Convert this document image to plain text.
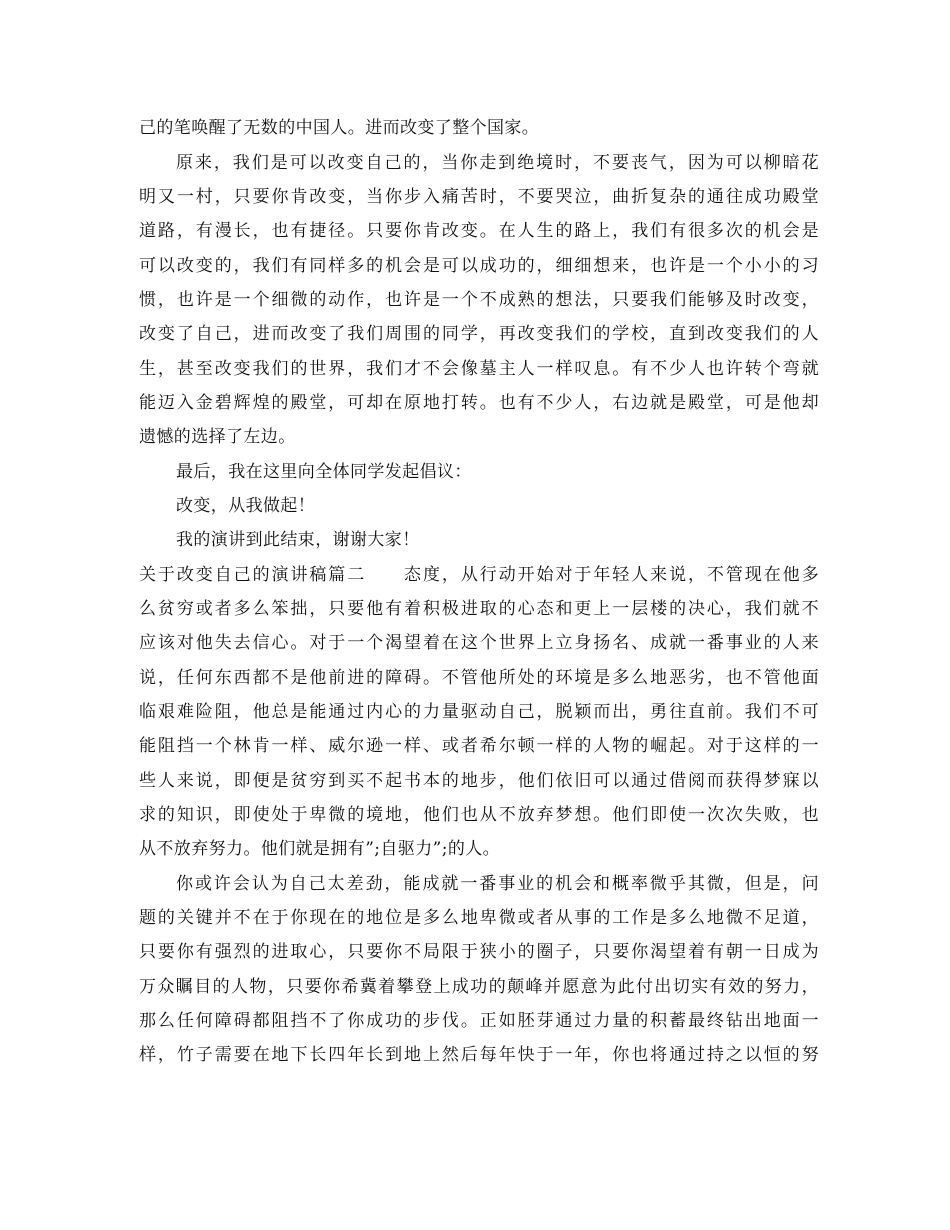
己的笔唤醒了无数的中国人。进而改变了整个国家。
原来，我们是可以改变自己的，当你走到绝境时，不要丧气，因为可以柳暗花
明又一村，只要你肯改变，当你步入痛苦时，不要哭泣，曲折复杂的通往成功殿堂
道路，有漫长，也有捷径。只要你肯改变。在人生的路上，我们有很多次的机会是
可以改变的，我们有同样多的机会是可以成功的，细细想来，也许是一个小小的习
惯，也许是一个细微的动作，也许是一个不成熟的想法，只要我们能够及时改变，
改变了自己，进而改变了我们周围的同学，再改变我们的学校，直到改变我们的人
生，甚至改变我们的世界，我们才不会像墓主人一样叹息。有不少人也许转个弯就
能迈入金碧辉煌的殿堂，可却在原地打转。也有不少人，右边就是殿堂，可是他却
遗憾的选择了左边。
最后，我在这里向全体同学发起倡议：
改变，从我做起！
我的演讲到此结束，谢谢大家！
关于改变自己的演讲稿篇二　　态度，从行动开始对于年轻人来说，不管现在他多
么贫穷或者多么笨拙，只要他有着积极进取的心态和更上一层楼的决心，我们就不
应该对他失去信心。对于一个渴望着在这个世界上立身扬名、成就一番事业的人来
说，任何东西都不是他前进的障碍。不管他所处的环境是多么地恶劣，也不管他面
临艰难险阻，他总是能通过内心的力量驱动自己，脱颖而出，勇往直前。我们不可
能阻挡一个林肯一样、威尔逊一样、或者希尔顿一样的人物的崛起。对于这样的一
些人来说，即便是贫穷到买不起书本的地步，他们依旧可以通过借阅而获得梦寐以
求的知识，即使处于卑微的境地，他们也从不放弃梦想。他们即使一次次失败，也
从不放弃努力。他们就是拥有”;自驱力”;的人。
你或许会认为自己太差劲，能成就一番事业的机会和概率微乎其微，但是，问
题的关键并不在于你现在的地位是多么地卑微或者从事的工作是多么地微不足道，
只要你有强烈的进取心，只要你不局限于狭小的圈子，只要你渴望着有朝一日成为
万众瞩目的人物，只要你希冀着攀登上成功的颠峰并愿意为此付出切实有效的努力，
那么任何障碍都阻挡不了你成功的步伐。正如胚芽通过力量的积蓄最终钻出地面一
样，竹子需要在地下长四年长到地上然后每年快于一年，你也将通过持之以恒的努
